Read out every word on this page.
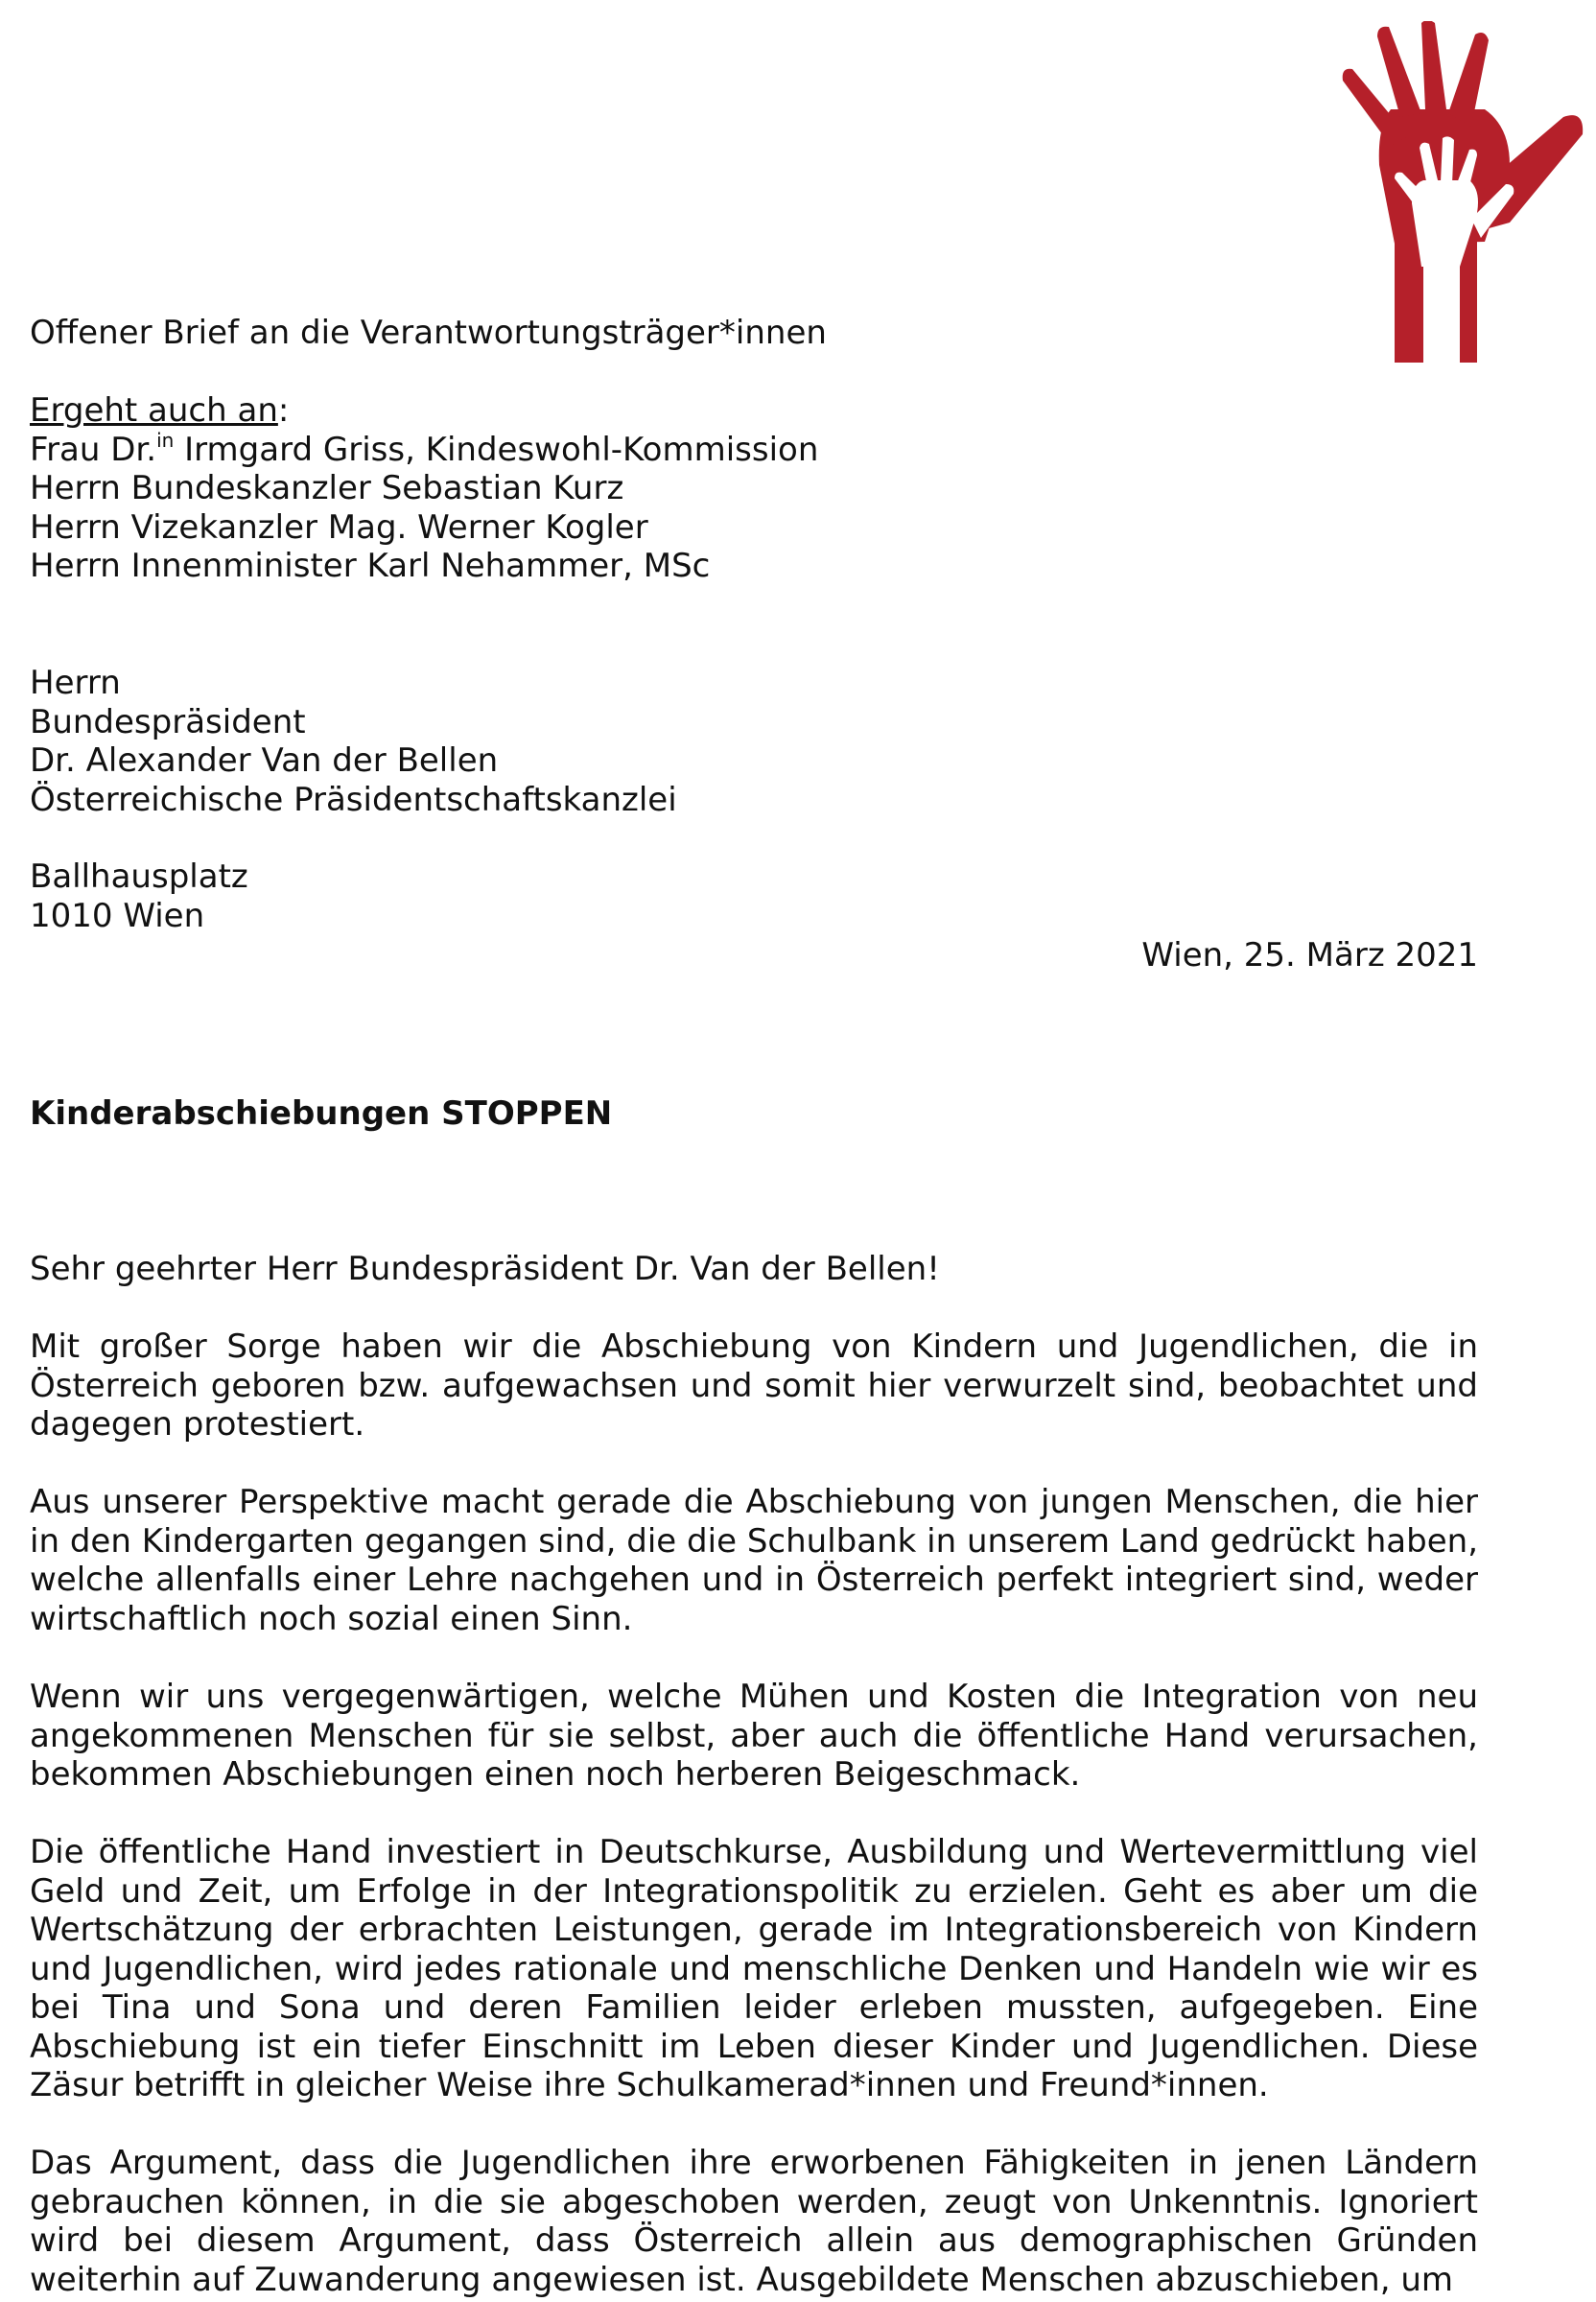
Offener Brief an die Verantwortungsträger*innen
Ergeht auch an:
Frau Dr.$^{in}$ Irmgard Griss, Kindeswohl-Kommission
Herrn Bundeskanzler Sebastian Kurz
Herrn Vizekanzler Mag. Werner Kogler
Herrn Innenminister Karl Nehammer, MSc
Herrn
Bundespräsident
Dr. Alexander Van der Bellen
Österreichische Präsidentschaftskanzlei
Ballhausplatz
1010 Wien
Wien, 25. März 2021
Kinderabschiebungen STOPPEN
Sehr geehrter Herr Bundespräsident Dr. Van der Bellen!

Mit großer Sorge haben wir die Abschiebung von Kindern und Jugendlichen, die in Österreich geboren bzw. aufgewachsen und somit hier verwurzelt sind, beobachtet und dagegen protestiert.

Aus unserer Perspektive macht gerade die Abschiebung von jungen Menschen, die hier in den Kindergarten gegangen sind, die die Schulbank in unserem Land gedrückt haben, welche allenfalls einer Lehre nachgehen und in Österreich perfekt integriert sind, weder wirtschaftlich noch sozial einen Sinn.

Wenn wir uns vergegenwärtigen, welche Mühen und Kosten die Integration von neu angekommenen Menschen für sie selbst, aber auch die öffentliche Hand verursachen, bekommen Abschiebungen einen noch herberen Beigeschmack.

Die öffentliche Hand investiert in Deutschkurse, Ausbildung und Wertevermittlung viel Geld und Zeit, um Erfolge in der Integrationspolitik zu erzielen. Geht es aber um die Wertschätzung der erbrachten Leistungen, gerade im Integrationsbereich von Kindern und Jugendlichen, wird jedes rationale und menschliche Denken und Handeln wie wir es bei Tina und Sona und deren Familien leider erleben mussten, aufgegeben. Eine Abschiebung ist ein tiefer Einschnitt im Leben dieser Kinder und Jugendlichen. Diese Zäsur betrifft in gleicher Weise ihre Schulkamerad*innen und Freund*innen.

Das Argument, dass die Jugendlichen ihre erworbenen Fähigkeiten in jenen Ländern gebrauchen können, in die sie abgeschoben werden, zeugt von Unkenntnis. Ignoriert wird bei diesem Argument, dass Österreich allein aus demographischen Gründen weiterhin auf Zuwanderung angewiesen ist. Ausgebildete Menschen abzuschieben, um
